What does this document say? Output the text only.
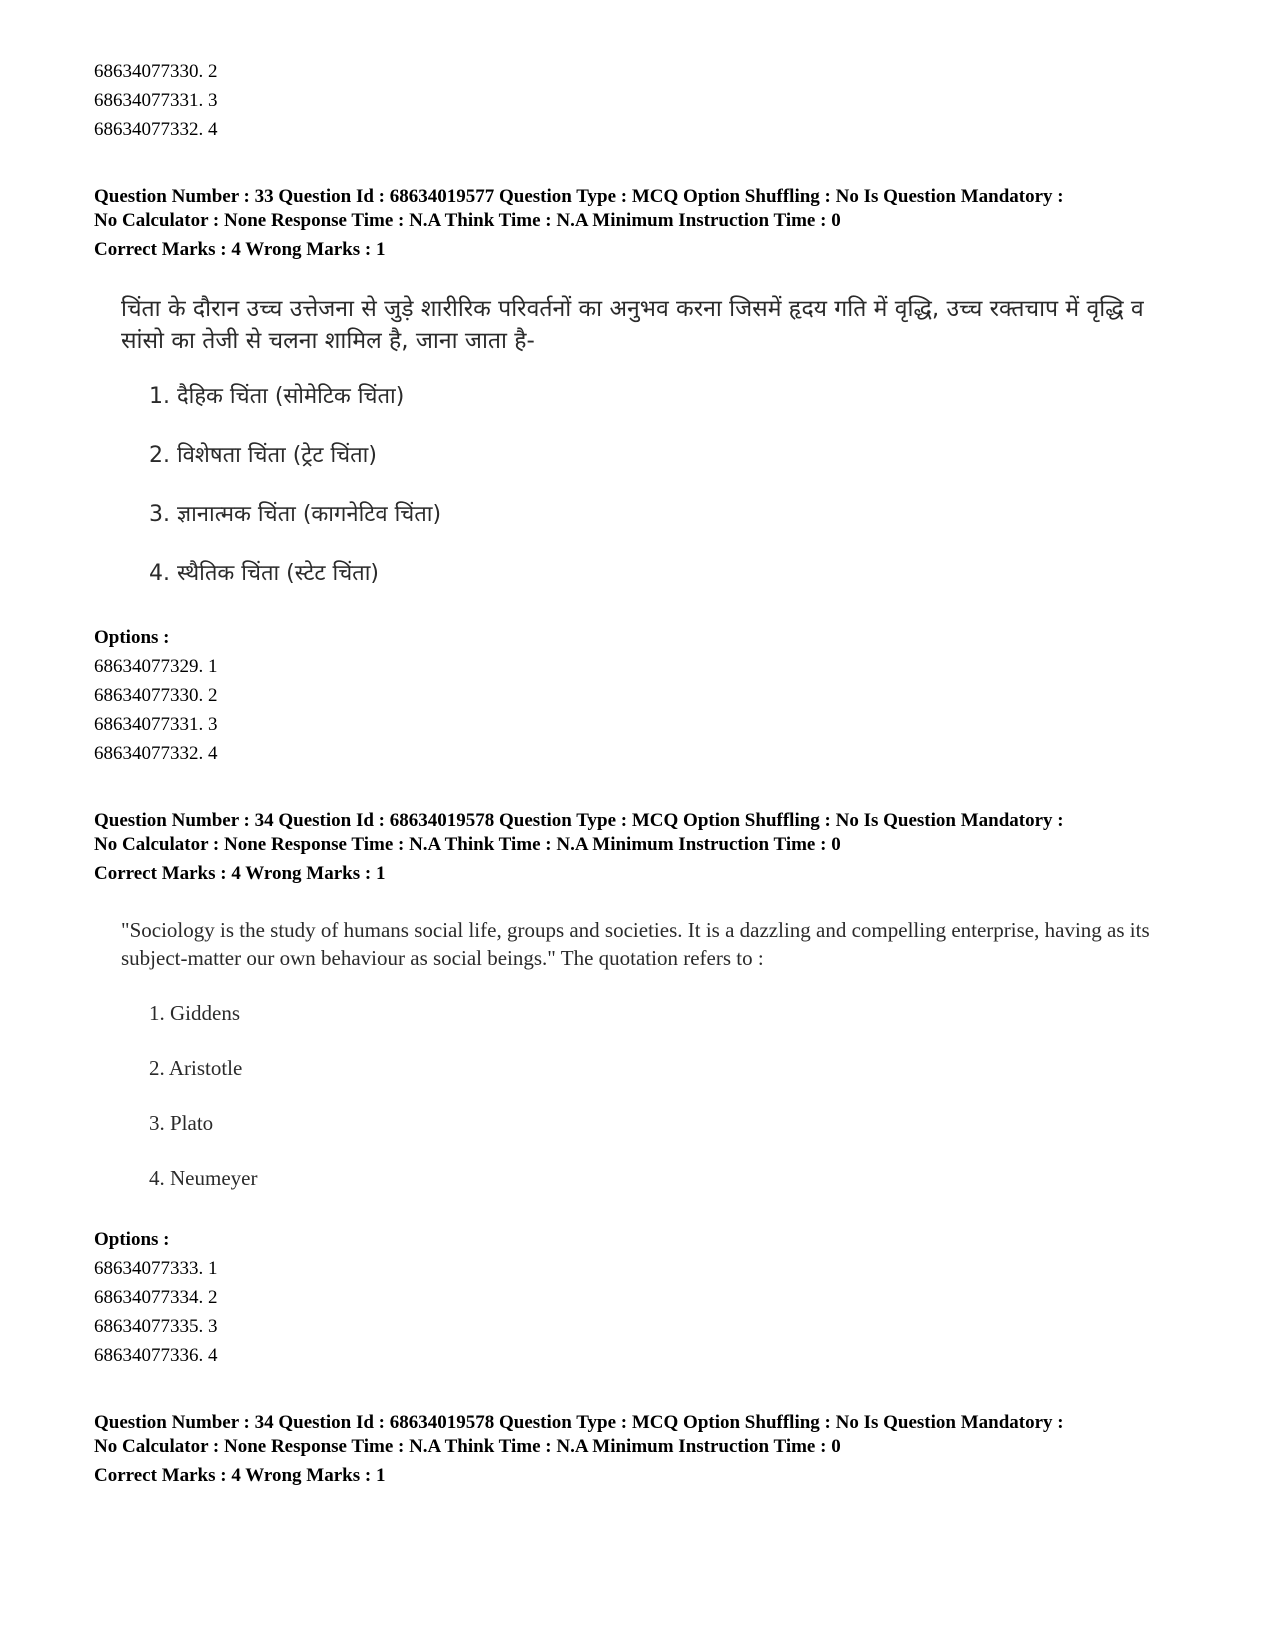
68634077330. 2
68634077331. 3
68634077332. 4
Question Number : 33 Question Id : 68634019577 Question Type : MCQ Option Shuffling : No Is Question Mandatory :
No Calculator : None Response Time : N.A Think Time : N.A Minimum Instruction Time : 0
Correct Marks : 4 Wrong Marks : 1
चिंता के दौरान उच्च उत्तेजना से जुड़े शारीरिक परिवर्तनों का अनुभव करना जिसमें हृदय गति में वृद्धि, उच्च रक्तचाप में वृद्धि व सांसो का तेजी से चलना शामिल है, जाना जाता है-
1. दैहिक चिंता (सोमेटिक चिंता)
2. विशेषता चिंता (ट्रेट चिंता)
3. ज्ञानात्मक चिंता (कागनेटिव चिंता)
4. स्थैतिक चिंता (स्टेट चिंता)
Options :
68634077329. 1
68634077330. 2
68634077331. 3
68634077332. 4
Question Number : 34 Question Id : 68634019578 Question Type : MCQ Option Shuffling : No Is Question Mandatory :
No Calculator : None Response Time : N.A Think Time : N.A Minimum Instruction Time : 0
Correct Marks : 4 Wrong Marks : 1
"Sociology is the study of humans social life, groups and societies. It is a dazzling and compelling enterprise, having as its subject-matter our own behaviour as social beings." The quotation refers to :
1. Giddens
2. Aristotle
3. Plato
4. Neumeyer
Options :
68634077333. 1
68634077334. 2
68634077335. 3
68634077336. 4
Question Number : 34 Question Id : 68634019578 Question Type : MCQ Option Shuffling : No Is Question Mandatory :
No Calculator : None Response Time : N.A Think Time : N.A Minimum Instruction Time : 0
Correct Marks : 4 Wrong Marks : 1
